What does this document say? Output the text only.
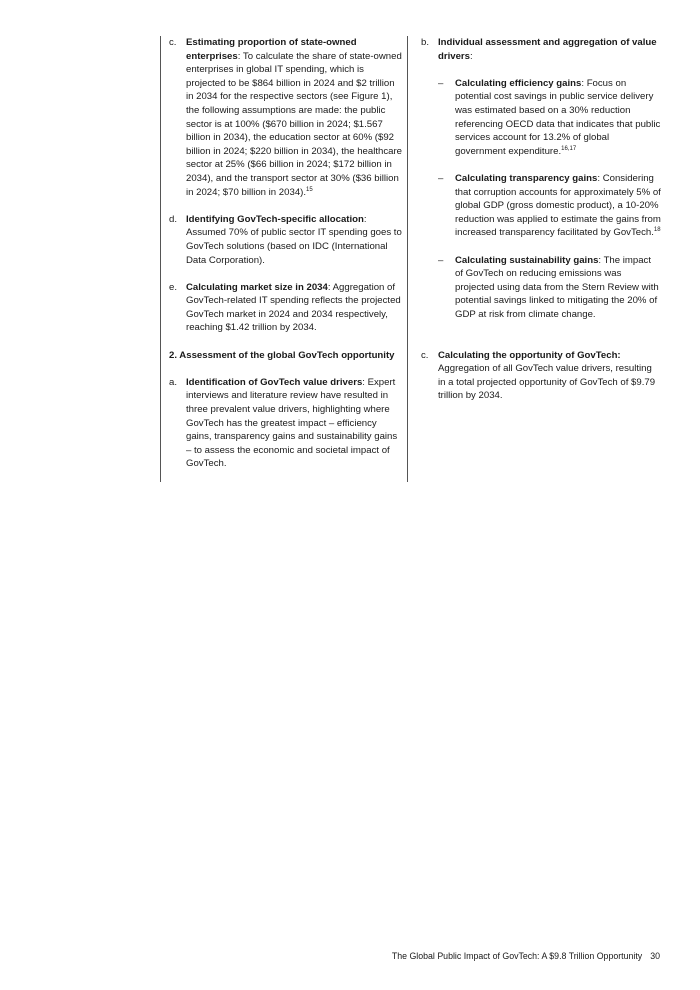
c. Estimating proportion of state-owned enterprises: To calculate the share of state-owned enterprises in global IT spending, which is projected to be $864 billion in 2024 and $2 trillion in 2034 for the respective sectors (see Figure 1), the following assumptions are made: the public sector is at 100% ($670 billion in 2024; $1.567 billion in 2034), the education sector at 60% ($92 billion in 2024; $220 billion in 2034), the healthcare sector at 25% ($66 billion in 2024; $172 billion in 2034), and the transport sector at 30% ($36 billion in 2024; $70 billion in 2034).$^{15}$
d. Identifying GovTech-specific allocation: Assumed 70% of public sector IT spending goes to GovTech solutions (based on IDC (International Data Corporation).
e. Calculating market size in 2034: Aggregation of GovTech-related IT spending reflects the projected GovTech market in 2024 and 2034 respectively, reaching $1.42 trillion by 2034.
2. Assessment of the global GovTech opportunity
a. Identification of GovTech value drivers: Expert interviews and literature review have resulted in three prevalent value drivers, highlighting where GovTech has the greatest impact – efficiency gains, transparency gains and sustainability gains – to assess the economic and societal impact of GovTech.
b. Individual assessment and aggregation of value drivers:
–	Calculating efficiency gains: Focus on potential cost savings in public service delivery was estimated based on a 30% reduction referencing OECD data that indicates that public services account for 13.2% of global government expenditure.$^{16,17}$
–	Calculating transparency gains: Considering that corruption accounts for approximately 5% of global GDP (gross domestic product), a 10-20% reduction was applied to estimate the gains from increased transparency facilitated by GovTech.$^{18}$
–	Calculating sustainability gains: The impact of GovTech on reducing emissions was projected using data from the Stern Review with potential savings linked to mitigating the 20% of GDP at risk from climate change.
c. Calculating the opportunity of GovTech: Aggregation of all GovTech value drivers, resulting in a total projected opportunity of GovTech of $9.79 trillion by 2034.
The Global Public Impact of GovTech: A $9.8 Trillion Opportunity 30
